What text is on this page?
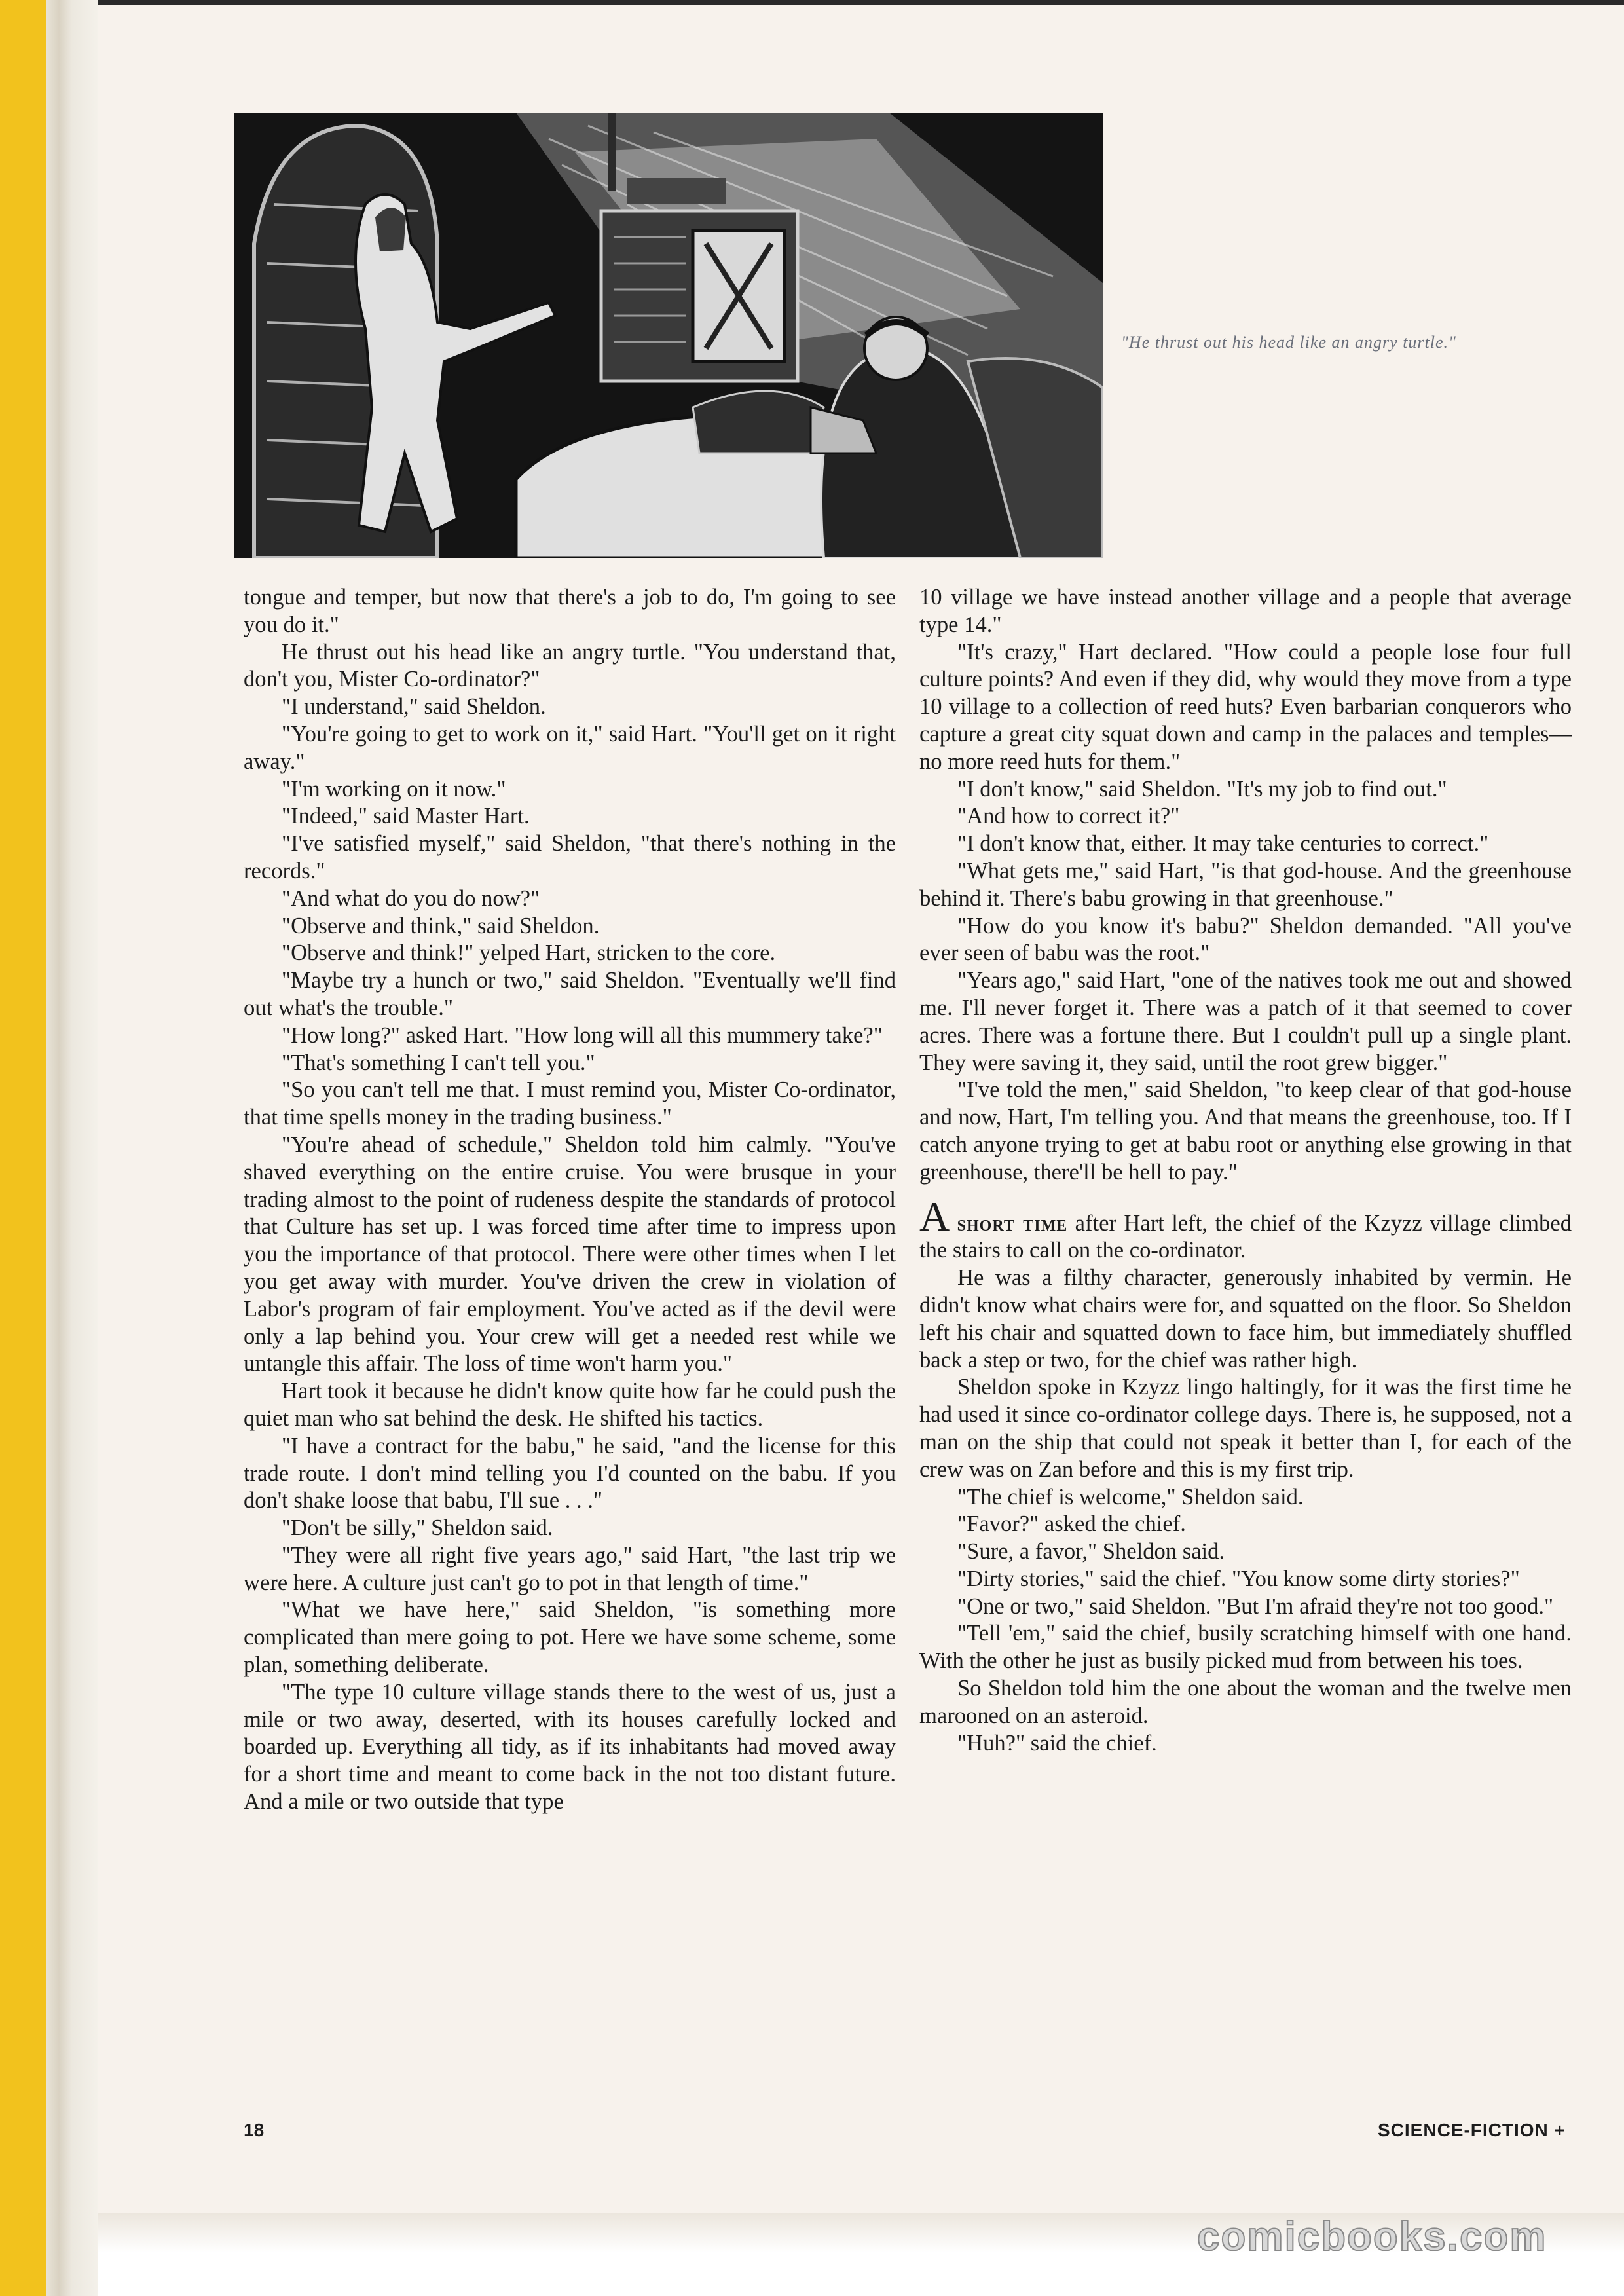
"He thrust out his head like an angry turtle."

tongue and temper, but now that there's a job to do, I'm going to see you do it."

He thrust out his head like an angry turtle. "You understand that, don't you, Mister Co-ordinator?"

"I understand," said Sheldon.

"You're going to get to work on it," said Hart. "You'll get on it right away."

"I'm working on it now."

"Indeed," said Master Hart.

"I've satisfied myself," said Sheldon, "that there's nothing in the records."

"And what do you do now?"

"Observe and think," said Sheldon.

"Observe and think!" yelped Hart, stricken to the core.

"Maybe try a hunch or two," said Sheldon. "Eventually we'll find out what's the trouble."

"How long?" asked Hart. "How long will all this mummery take?"

"That's something I can't tell you."

"So you can't tell me that. I must remind you, Mister Co-ordinator, that time spells money in the trading business."

"You're ahead of schedule," Sheldon told him calmly. "You've shaved everything on the entire cruise. You were brusque in your trading almost to the point of rudeness despite the standards of protocol that Culture has set up. I was forced time after time to impress upon you the importance of that protocol. There were other times when I let you get away with murder. You've driven the crew in violation of Labor's program of fair employment. You've acted as if the devil were only a lap behind you. Your crew will get a needed rest while we untangle this affair. The loss of time won't harm you."

Hart took it because he didn't know quite how far he could push the quiet man who sat behind the desk. He shifted his tactics.

"I have a contract for the babu," he said, "and the license for this trade route. I don't mind telling you I'd counted on the babu. If you don't shake loose that babu, I'll sue . . ."

"Don't be silly," Sheldon said.

"They were all right five years ago," said Hart, "the last trip we were here. A culture just can't go to pot in that length of time."

"What we have here," said Sheldon, "is something more complicated than mere going to pot. Here we have some scheme, some plan, something deliberate.

"The type 10 culture village stands there to the west of us, just a mile or two away, deserted, with its houses carefully locked and boarded up. Everything all tidy, as if its inhabitants had moved away for a short time and meant to come back in the not too distant future. And a mile or two outside that type

10 village we have instead another village and a people that average type 14."

"It's crazy," Hart declared. "How could a people lose four full culture points? And even if they did, why would they move from a type 10 village to a collection of reed huts? Even barbarian conquerors who capture a great city squat down and camp in the palaces and temples—no more reed huts for them."

"I don't know," said Sheldon. "It's my job to find out."

"And how to correct it?"

"I don't know that, either. It may take centuries to correct."

"What gets me," said Hart, "is that god-house. And the greenhouse behind it. There's babu growing in that greenhouse."

"How do you know it's babu?" Sheldon demanded. "All you've ever seen of babu was the root."

"Years ago," said Hart, "one of the natives took me out and showed me. I'll never forget it. There was a patch of it that seemed to cover acres. There was a fortune there. But I couldn't pull up a single plant. They were saving it, they said, until the root grew bigger."

"I've told the men," said Sheldon, "to keep clear of that god-house and now, Hart, I'm telling you. And that means the greenhouse, too. If I catch anyone trying to get at babu root or anything else growing in that greenhouse, there'll be hell to pay."

A short time after Hart left, the chief of the Kzyzz village climbed the stairs to call on the co-ordinator.

He was a filthy character, generously inhabited by vermin. He didn't know what chairs were for, and squatted on the floor. So Sheldon left his chair and squatted down to face him, but immediately shuffled back a step or two, for the chief was rather high.

Sheldon spoke in Kzyzz lingo haltingly, for it was the first time he had used it since co-ordinator college days. There is, he supposed, not a man on the ship that could not speak it better than I, for each of the crew was on Zan before and this is my first trip.

"The chief is welcome," Sheldon said.

"Favor?" asked the chief.

"Sure, a favor," Sheldon said.

"Dirty stories," said the chief. "You know some dirty stories?"

"One or two," said Sheldon. "But I'm afraid they're not too good."

"Tell 'em," said the chief, busily scratching himself with one hand. With the other he just as busily picked mud from between his toes.

So Sheldon told him the one about the woman and the twelve men marooned on an asteroid.

"Huh?" said the chief.

18	SCIENCE-FICTION +
comicbooks.com
